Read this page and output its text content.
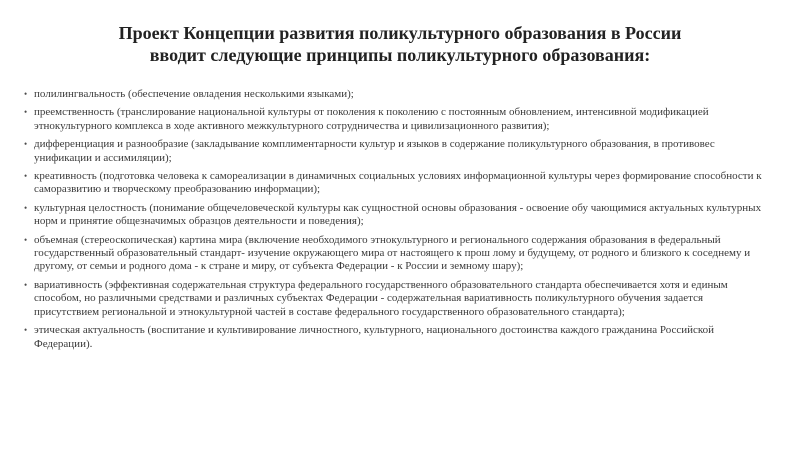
Проект Концепции развития поликультурного образования в России
вводит следующие принципы поликультурного образования:
• полилингвальность (обеспечение овладения несколькими языками);
• преемственность (транслирование национальной культуры от поколения к поколению с постоянным обновлением, интенсивной модификацией этнокультурного комплекса в ходе активного межкультурного сотрудничества и цивилизационного развития);
• дифференциация и разнообразие (закладывание комплиментарности культур и языков в содержание поликультурного образования, в противовес унификации и ассимиляции);
• креативность (подготовка человека к самореализации в динамичных социальных условиях информационной культуры через формирование способности к саморазвитию и творческому преобразованию информации);
• культурная целостность (понимание общечеловеческой культуры как сущностной основы образования - освоение обу чающимися актуальных культурных норм и принятие общезначимых образцов деятельности и поведения);
• объемная (стереоскопическая) картина мира (включение необходимого этнокультурного и регионального содержания образования в федеральный государственный образовательный стандарт- изучение окружающего мира от настоящего к прош лому и будущему, от родного и близкого к соседнему и другому, от семьи и родного дома - к стране и миру, от субъекта Федерации - к России и земному шару);
• вариативность (эффективная содержательная структура федерального государственного образовательного стандарта обеспечивается хотя и единым способом, но различными средствами и различных субъектах Федерации - содержательная вариативность поликультурного обучения задается присутствием региональной и этнокультурной частей в составе федерального государственного образовательного стандарта);
• этическая актуальность (воспитание и культивирование личностного, культурного, национального достоинства каждого гражданина Российской Федерации).
